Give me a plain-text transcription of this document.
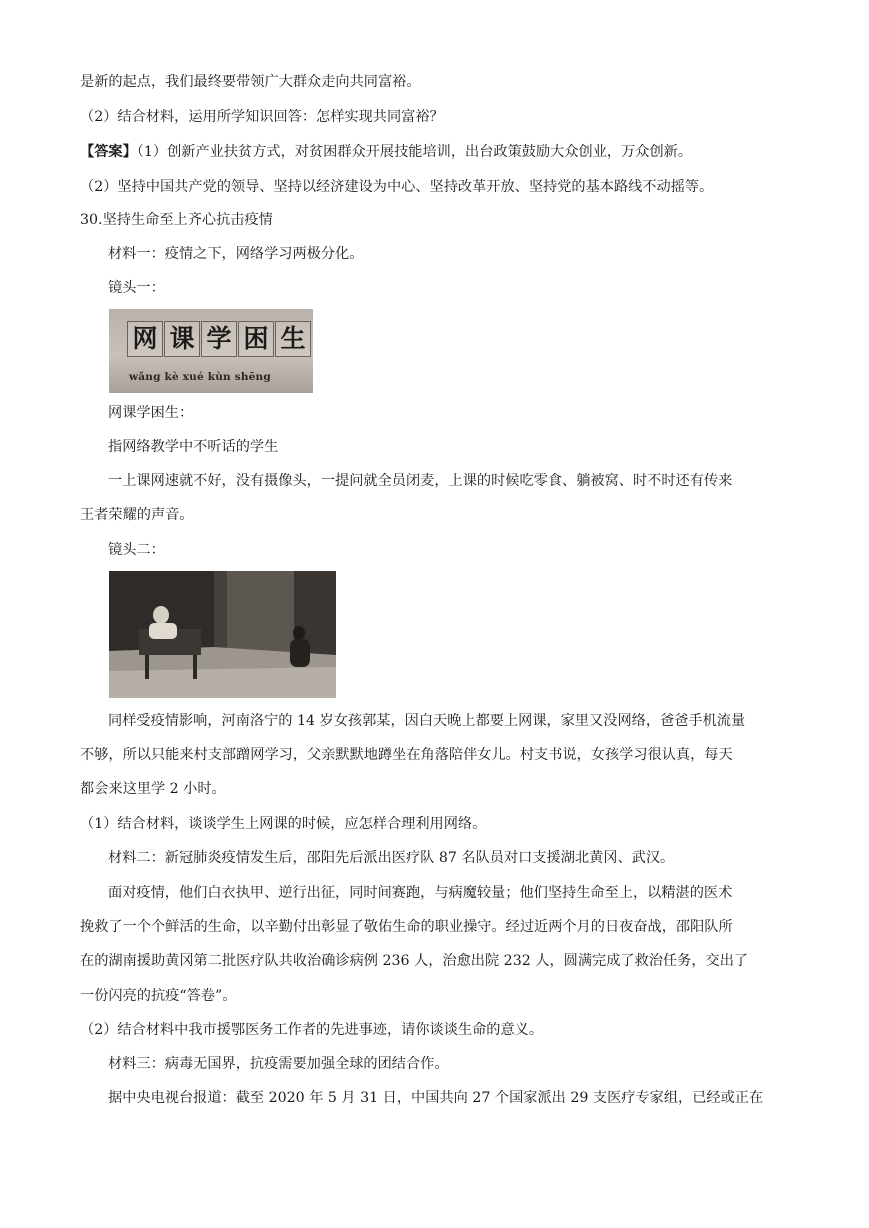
是新的起点，我们最终要带领广大群众走向共同富裕。
（2）结合材料，运用所学知识回答：怎样实现共同富裕？
【答案】（1）创新产业扶贫方式，对贫困群众开展技能培训，出台政策鼓励大众创业，万众创新。
（2）坚持中国共产党的领导、坚持以经济建设为中心、坚持改革开放、坚持党的基本路线不动摇等。
30.坚持生命至上齐心抗击疫情
材料一：疫情之下，网络学习两极分化。
镜头一：
网 课 学 困 生
wǎng kè xué kùn shēng
网课学困生：
指网络教学中不听话的学生
一上课网速就不好，没有摄像头，一提问就全员闭麦，上课的时候吃零食、躺被窝、时不时还有传来
王者荣耀的声音。
镜头二：
同样受疫情影响，河南洛宁的 14 岁女孩郭某，因白天晚上都要上网课，家里又没网络，爸爸手机流量
不够，所以只能来村支部蹭网学习，父亲默默地蹲坐在角落陪伴女儿。村支书说，女孩学习很认真，每天
都会来这里学 2 小时。
（1）结合材料，谈谈学生上网课的时候，应怎样合理利用网络。
材料二：新冠肺炎疫情发生后，邵阳先后派出医疗队 87 名队员对口支援湖北黄冈、武汉。
面对疫情，他们白衣执甲、逆行出征，同时间赛跑，与病魔较量；他们坚持生命至上，以精湛的医术
挽救了一个个鲜活的生命，以辛勤付出彰显了敬佑生命的职业操守。经过近两个月的日夜奋战，邵阳队所
在的湖南援助黄冈第二批医疗队共收治确诊病例 236 人，治愈出院 232 人，圆满完成了救治任务，交出了
一份闪亮的抗疫“答卷”。
（2）结合材料中我市援鄂医务工作者的先进事迹，请你谈谈生命的意义。
材料三：病毒无国界，抗疫需要加强全球的团结合作。
据中央电视台报道：截至 2020 年 5 月 31 日，中国共向 27 个国家派出 29 支医疗专家组，已经或正在
